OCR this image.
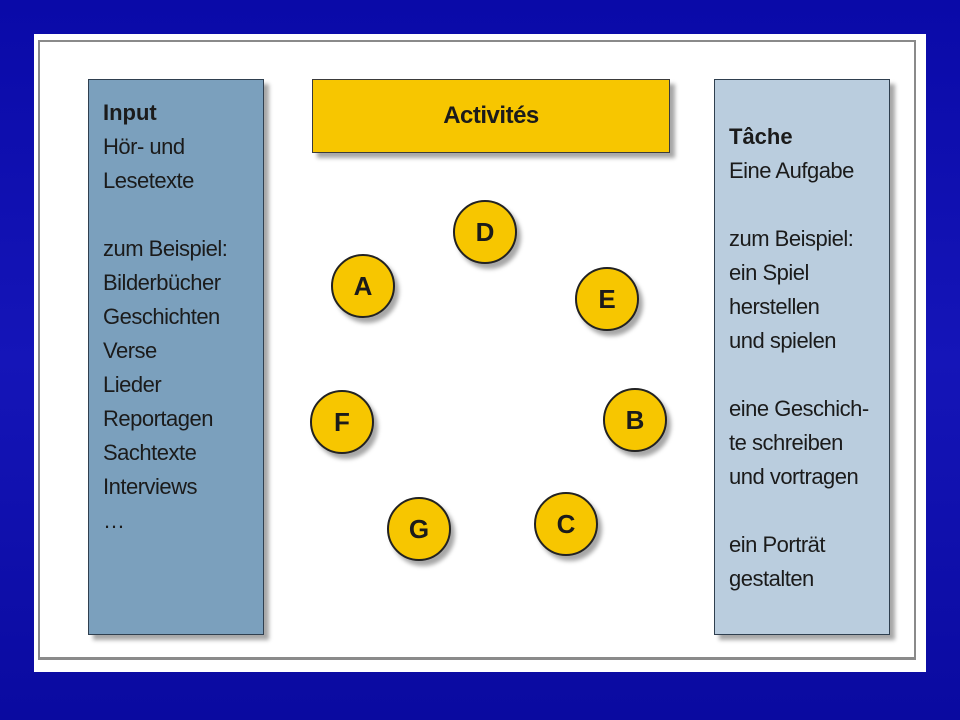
Input
Hör- und
Lesetexte
zum Beispiel:
Bilderbücher
Geschichten
Verse
Lieder
Reportagen
Sachtexte
Interviews
…
Activités
D
A	E
F	B
G	C
Tâche
Eine Aufgabe
zum Beispiel:
ein Spiel
herstellen
und spielen
eine Geschich-
te schreiben
und vortragen
ein Porträt
gestalten
